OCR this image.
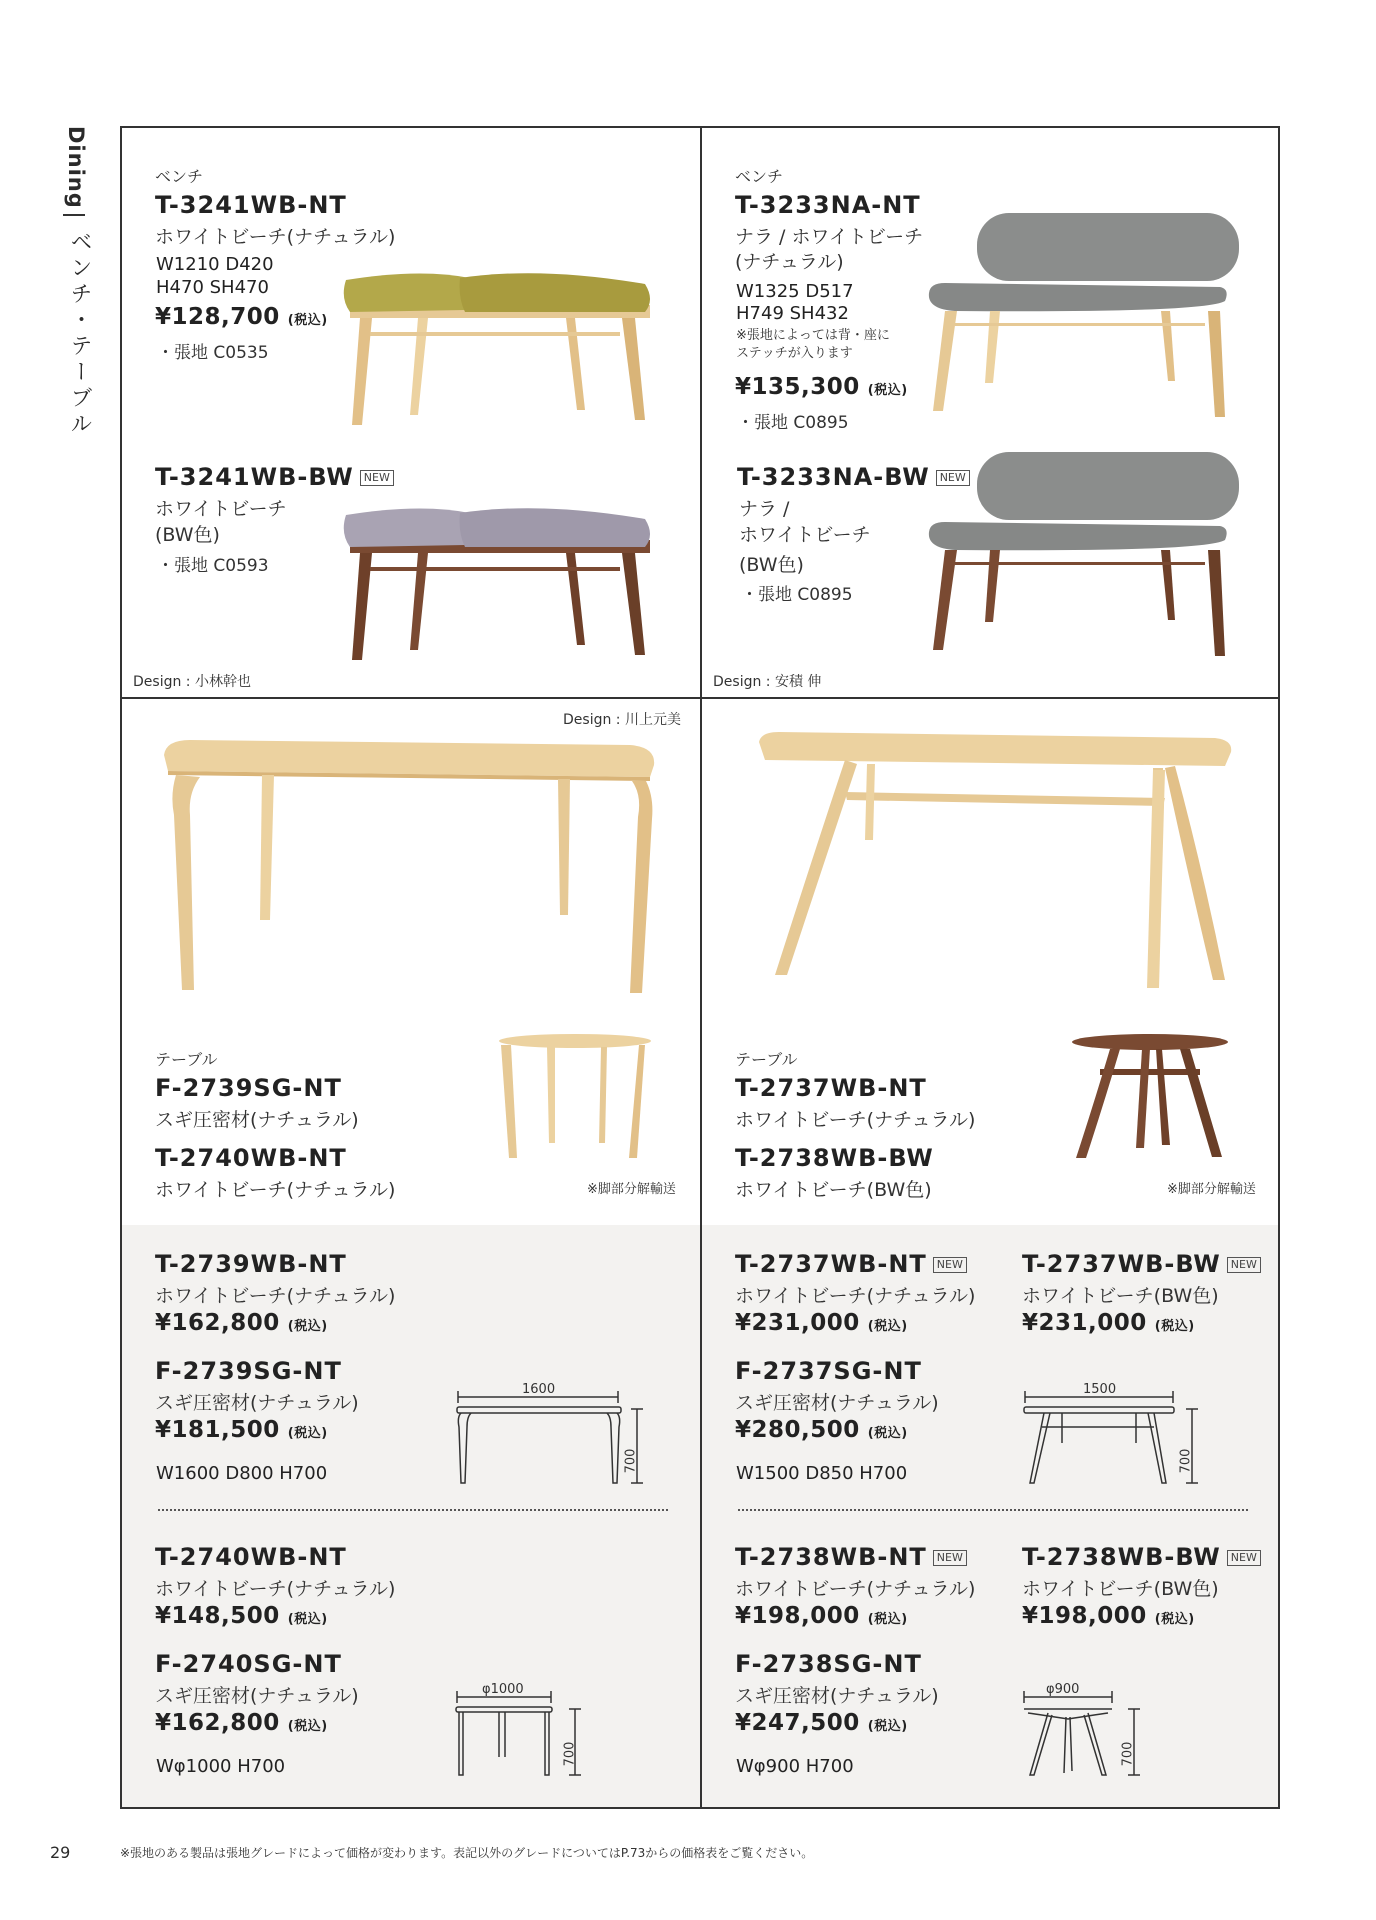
Dining
ベンチ・テーブル
ベンチ
T-3241WB-NT
ホワイトビーチ(ナチュラル)
W1210 D420
H470 SH470
¥128,700 (税込)
・張地 C0535
T-3241WB-BW NEW
ホワイトビーチ
(BW色)
・張地 C0593
Design : 小林幹也
ベンチ
T-3233NA-NT
ナラ / ホワイトビーチ
(ナチュラル)
W1325 D517
H749 SH432
※張地によっては背・座に
ステッチが入ります
¥135,300 (税込)
・張地 C0895
T-3233NA-BW NEW
ナラ /
ホワイトビーチ
(BW色)
・張地 C0895
Design : 安積 伸
Design : 川上元美
テーブル
F-2739SG-NT
スギ圧密材(ナチュラル)
T-2740WB-NT
ホワイトビーチ(ナチュラル)	※脚部分解輸送
テーブル
T-2737WB-NT
ホワイトビーチ(ナチュラル)
T-2738WB-BW
ホワイトビーチ(BW色)	※脚部分解輸送
T-2739WB-NT
ホワイトビーチ(ナチュラル)
¥162,800 (税込)
F-2739SG-NT
スギ圧密材(ナチュラル)
¥181,500 (税込)
W1600 D800 H700
1600
700
T-2740WB-NT
ホワイトビーチ(ナチュラル)
¥148,500 (税込)
F-2740SG-NT
スギ圧密材(ナチュラル)
¥162,800 (税込)
Wφ1000 H700
φ1000
700
T-2737WB-NT NEW
ホワイトビーチ(ナチュラル)
¥231,000 (税込)
T-2737WB-BW NEW
ホワイトビーチ(BW色)
¥231,000 (税込)
F-2737SG-NT
スギ圧密材(ナチュラル)
¥280,500 (税込)
W1500 D850 H700
1500
700
T-2738WB-NT NEW
ホワイトビーチ(ナチュラル)
¥198,000 (税込)
T-2738WB-BW NEW
ホワイトビーチ(BW色)
¥198,000 (税込)
F-2738SG-NT
スギ圧密材(ナチュラル)
¥247,500 (税込)
Wφ900 H700
φ900
700
29	※張地のある製品は張地グレードによって価格が変わります。表記以外のグレードについてはP.73からの価格表をご覧ください。
